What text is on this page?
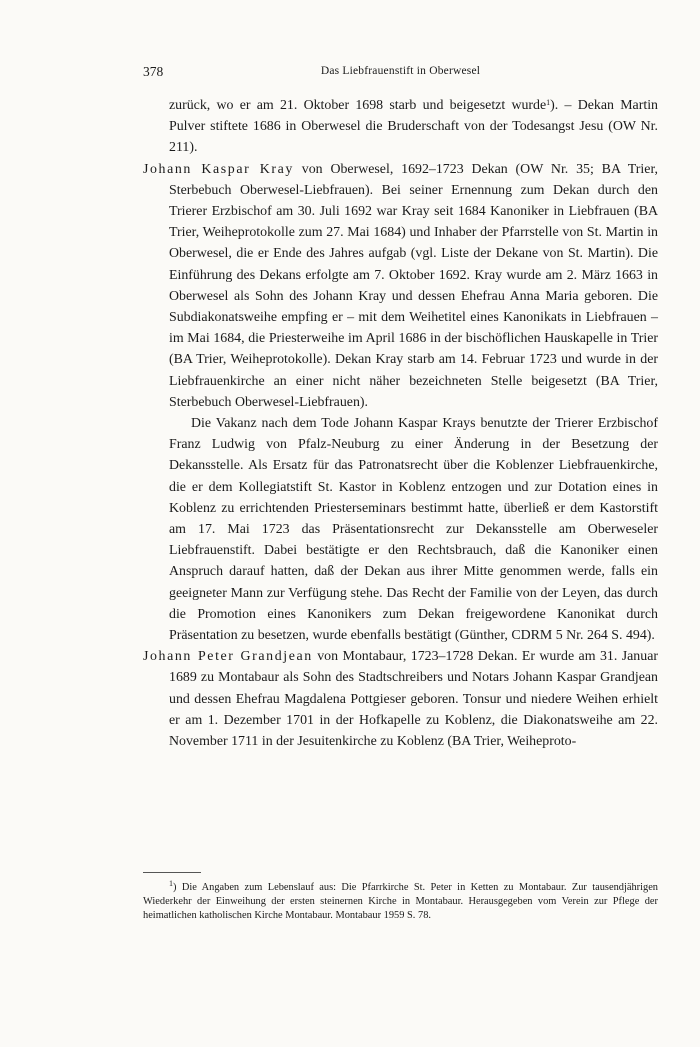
378	Das Liebfrauenstift in Oberwesel

zurück, wo er am 21. Oktober 1698 starb und beigesetzt wurde$^1$). – Dekan Martin Pulver stiftete 1686 in Oberwesel die Bruderschaft von der Todesangst Jesu (OW Nr. 211).

Johann Kaspar Kray von Oberwesel, 1692–1723 Dekan (OW Nr. 35; BA Trier, Sterbebuch Oberwesel-Liebfrauen). Bei seiner Ernennung zum Dekan durch den Trierer Erzbischof am 30. Juli 1692 war Kray seit 1684 Kanoniker in Liebfrauen (BA Trier, Weiheprotokolle zum 27. Mai 1684) und Inhaber der Pfarrstelle von St. Martin in Oberwesel, die er Ende des Jahres aufgab (vgl. Liste der Dekane von St. Martin). Die Einführung des Dekans erfolgte am 7. Oktober 1692. Kray wurde am 2. März 1663 in Oberwesel als Sohn des Johann Kray und dessen Ehefrau Anna Maria geboren. Die Subdiakonatsweihe empfing er – mit dem Weihetitel eines Kanonikats in Liebfrauen – im Mai 1684, die Priesterweihe im April 1686 in der bischöflichen Hauskapelle in Trier (BA Trier, Weiheprotokolle). Dekan Kray starb am 14. Februar 1723 und wurde in der Liebfrauenkirche an einer nicht näher bezeichneten Stelle beigesetzt (BA Trier, Sterbebuch Oberwesel-Liebfrauen).

Die Vakanz nach dem Tode Johann Kaspar Krays benutzte der Trierer Erzbischof Franz Ludwig von Pfalz-Neuburg zu einer Änderung in der Besetzung der Dekansstelle. Als Ersatz für das Patronatsrecht über die Koblenzer Liebfrauenkirche, die er dem Kollegiatstift St. Kastor in Koblenz entzogen und zur Dotation eines in Koblenz zu errichtenden Priesterseminars bestimmt hatte, überließ er dem Kastorstift am 17. Mai 1723 das Präsentationsrecht zur Dekansstelle am Oberweseler Liebfrauenstift. Dabei bestätigte er den Rechtsbrauch, daß die Kanoniker einen Anspruch darauf hatten, daß der Dekan aus ihrer Mitte genommen werde, falls ein geeigneter Mann zur Verfügung stehe. Das Recht der Familie von der Leyen, das durch die Promotion eines Kanonikers zum Dekan freigewordene Kanonikat durch Präsentation zu besetzen, wurde ebenfalls bestätigt (Günther, CDRM 5 Nr. 264 S. 494).

Johann Peter Grandjean von Montabaur, 1723–1728 Dekan. Er wurde am 31. Januar 1689 zu Montabaur als Sohn des Stadtschreibers und Notars Johann Kaspar Grandjean und dessen Ehefrau Magdalena Pottgieser geboren. Tonsur und niedere Weihen erhielt er am 1. Dezember 1701 in der Hofkapelle zu Koblenz, die Diakonatsweihe am 22. November 1711 in der Jesuitenkirche zu Koblenz (BA Trier, Weiheproto-

$^1$) Die Angaben zum Lebenslauf aus: Die Pfarrkirche St. Peter in Ketten zu Montabaur. Zur tausendjährigen Wiederkehr der Einweihung der ersten steinernen Kirche in Montabaur. Herausgegeben vom Verein zur Pflege der heimatlichen katholischen Kirche Montabaur. Montabaur 1959 S. 78.
